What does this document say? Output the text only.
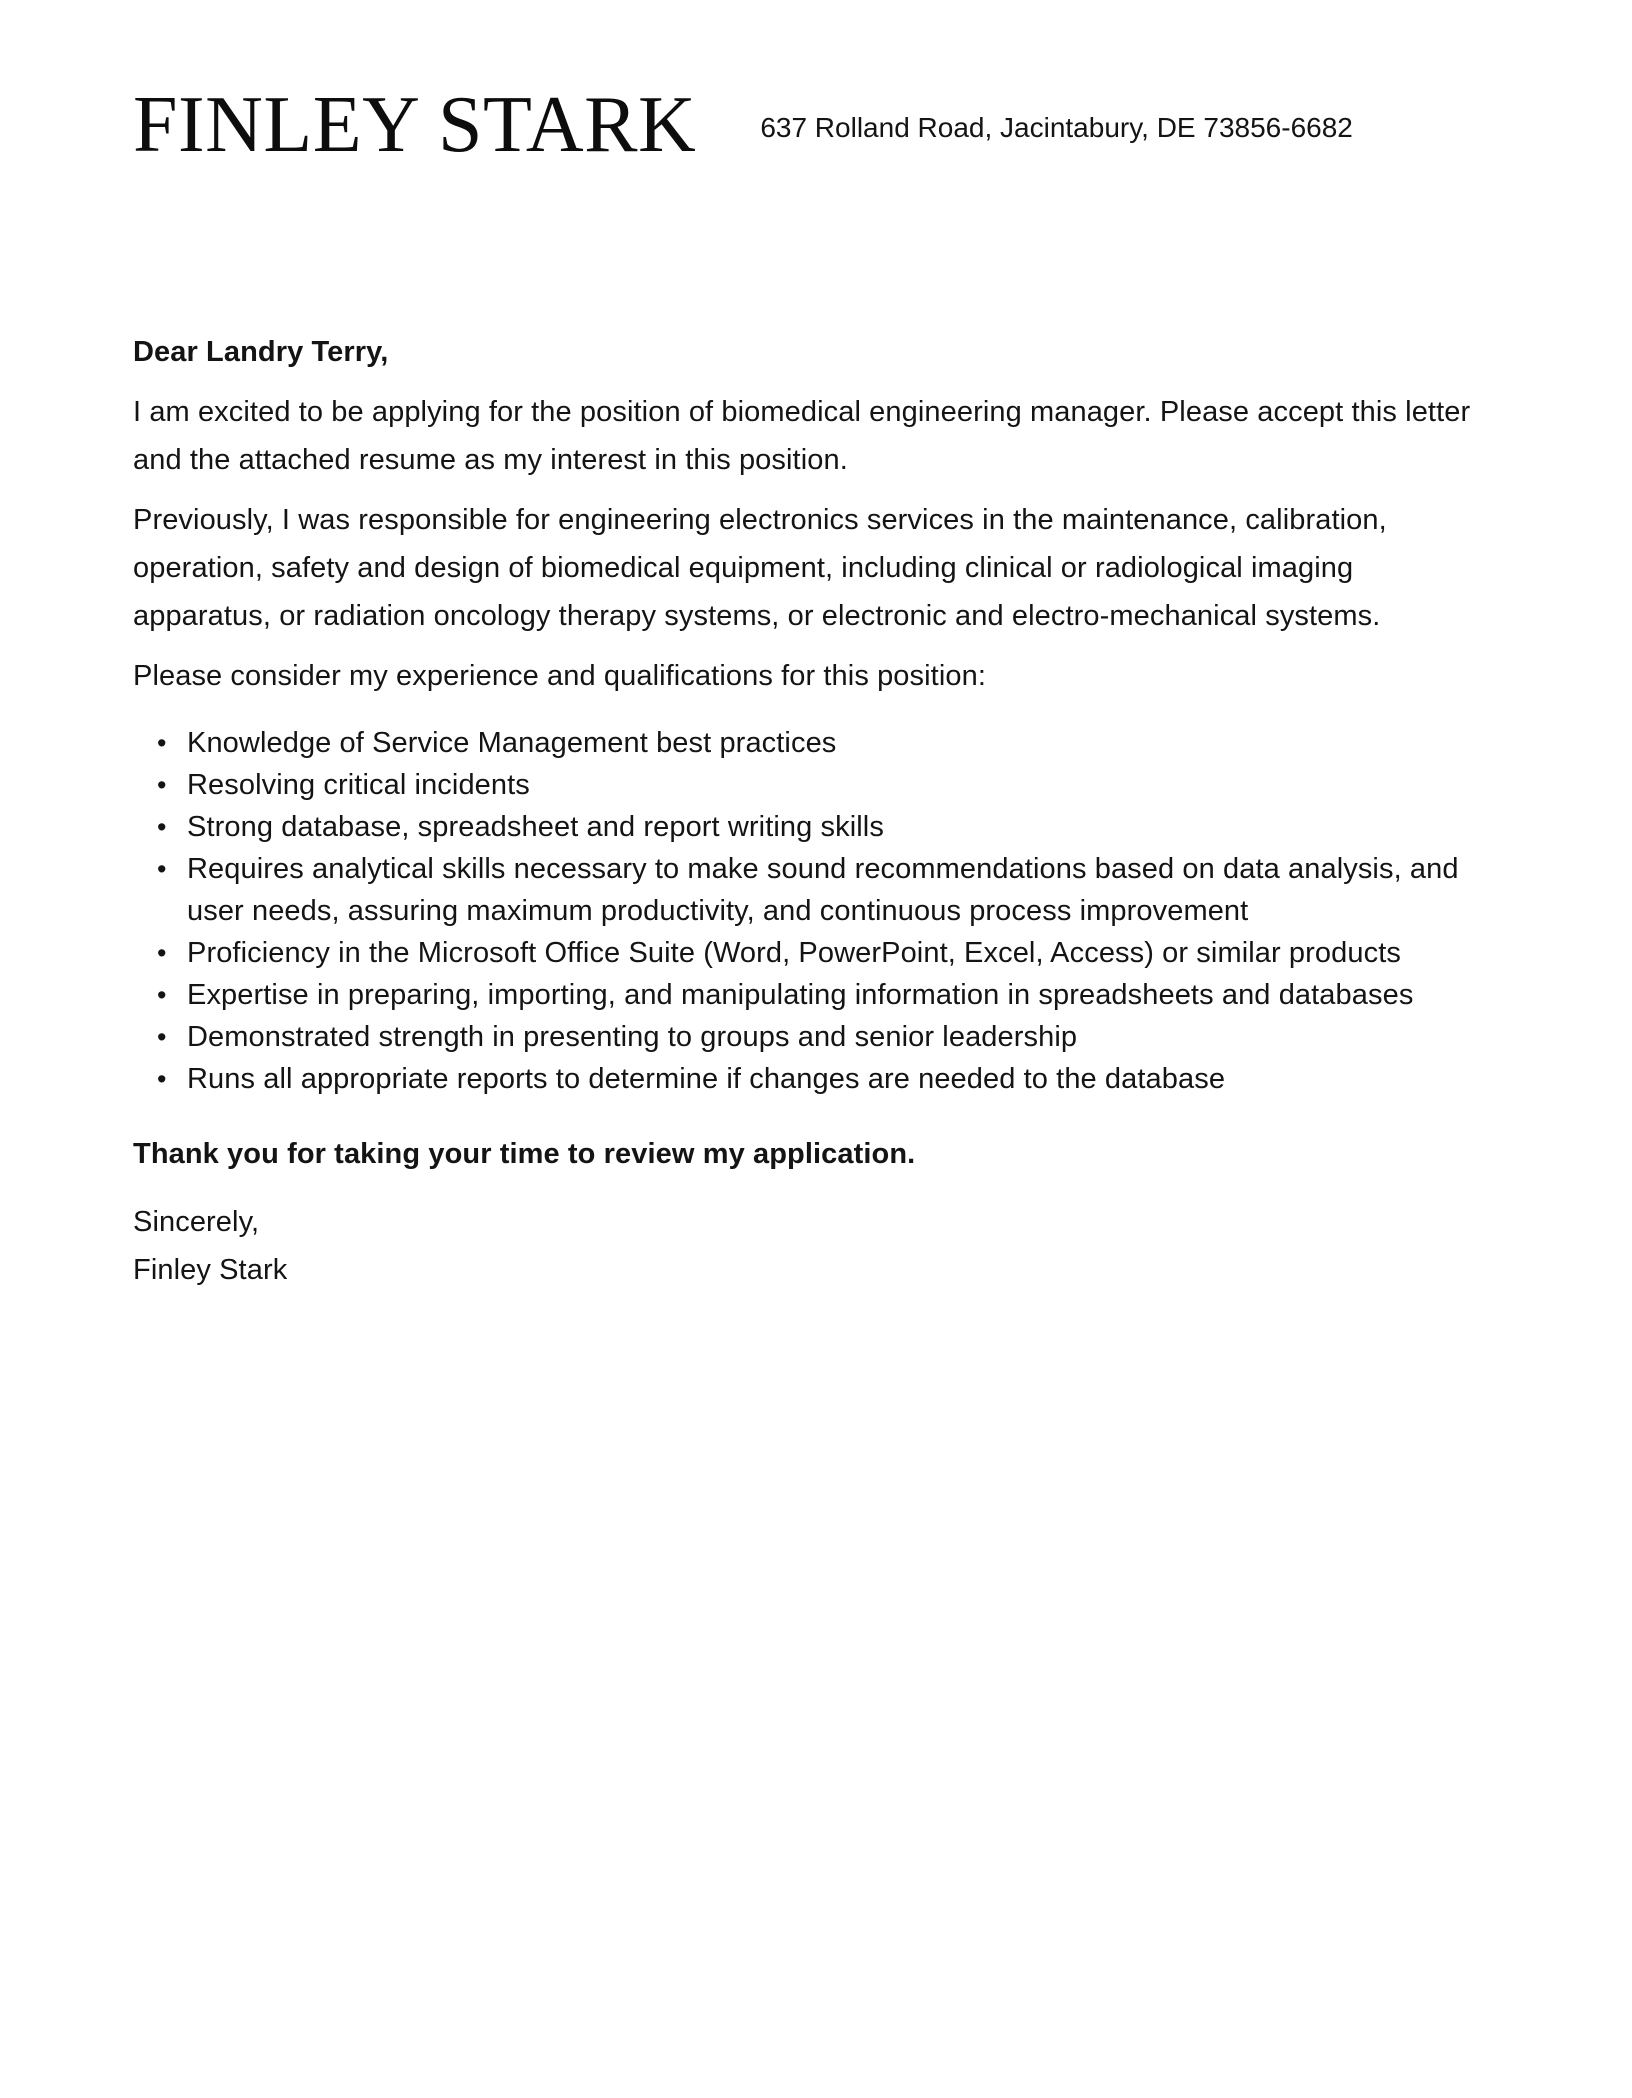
FINLEY STARK 637 Rolland Road, Jacintabury, DE 73856-6682

Dear Landry Terry,

I am excited to be applying for the position of biomedical engineering manager. Please accept this letter and the attached resume as my interest in this position.

Previously, I was responsible for engineering electronics services in the maintenance, calibration, operation, safety and design of biomedical equipment, including clinical or radiological imaging apparatus, or radiation oncology therapy systems, or electronic and electro-mechanical systems.

Please consider my experience and qualifications for this position:

• Knowledge of Service Management best practices
• Resolving critical incidents
• Strong database, spreadsheet and report writing skills
• Requires analytical skills necessary to make sound recommendations based on data analysis, and user needs, assuring maximum productivity, and continuous process improvement
• Proficiency in the Microsoft Office Suite (Word, PowerPoint, Excel, Access) or similar products
• Expertise in preparing, importing, and manipulating information in spreadsheets and databases
• Demonstrated strength in presenting to groups and senior leadership
• Runs all appropriate reports to determine if changes are needed to the database

Thank you for taking your time to review my application.

Sincerely,
Finley Stark
